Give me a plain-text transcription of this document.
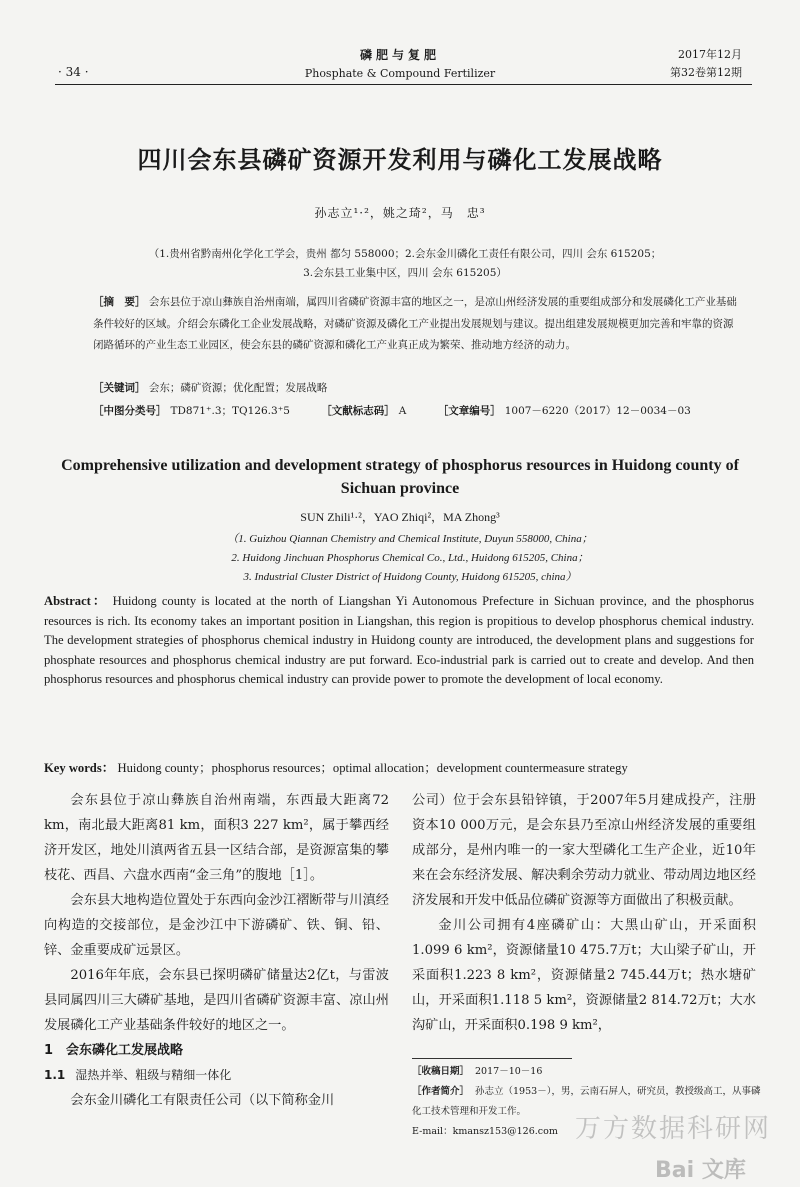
· 34 ·
磷肥与复肥
Phosphate & Compound Fertilizer
2017年12月
第32卷第12期
四川会东县磷矿资源开发利用与磷化工发展战略
孙志立¹·²，姚之琦²，马　忠³
（1.贵州省黔南州化学化工学会，贵州 都匀 558000；2.会东金川磷化工责任有限公司，四川 会东 615205；
3.会东县工业集中区，四川 会东 615205）
［摘　要］ 会东县位于凉山彝族自治州南端，属四川省磷矿资源丰富的地区之一，是凉山州经济发展的重要组成部分和发展磷化工产业基础条件较好的区域。介绍会东磷化工企业发展战略，对磷矿资源及磷化工产业提出发展规划与建议。提出组建发展规模更加完善和牢靠的资源闭路循环的产业生态工业园区，使会东县的磷矿资源和磷化工产业真正成为繁荣、推动地方经济的动力。
［关键词］ 会东；磷矿资源；优化配置；发展战略
［中图分类号］ TD871⁺.3；TQ126.3⁺5	［文献标志码］ A	［文章编号］ 1007－6220（2017）12－0034－03
Comprehensive utilization and development strategy of phosphorus resources in Huidong county of Sichuan province
SUN Zhili¹·²，YAO Zhiqi²，MA Zhong³
（1. Guizhou Qiannan Chemistry and Chemical Institute, Duyun 558000, China；
2. Huidong Jinchuan Phosphorus Chemical Co., Ltd., Huidong 615205, China；
3. Industrial Cluster District of Huidong County, Huidong 615205, china）
Abstract： Huidong county is located at the north of Liangshan Yi Autonomous Prefecture in Sichuan province, and the phosphorus resources is rich. Its economy takes an important position in Liangshan, this region is propitious to develop phosphorus chemical industry. The development strategies of phosphorus chemical industry in Huidong county are introduced, the development plans and suggestions for phosphate resources and phosphorus chemical industry are put forward. Eco-industrial park is carried out to create and develop. And then phosphorus resources and phosphorus chemical industry can provide power to promote the development of local economy.
Key words： Huidong county；phosphorus resources；optimal allocation；development countermeasure strategy

会东县位于凉山彝族自治州南端，东西最大距离72 km，南北最大距离81 km，面积3 227 km²，属于攀西经济开发区，地处川滇两省五县一区结合部，是资源富集的攀枝花、西昌、六盘水西南“金三角”的腹地［1］。

会东县大地构造位置处于东西向金沙江褶断带与川滇经向构造的交接部位，是金沙江中下游磷矿、铁、铜、铅、锌、金重要成矿远景区。

2016年年底，会东县已探明磷矿储量达2亿t，与雷波县同属四川三大磷矿基地，是四川省磷矿资源丰富、凉山州发展磷化工产业基础条件较好的地区之一。

1　会东磷化工发展战略

1.1 湿热并举、粗级与精细一体化

会东金川磷化工有限责任公司（以下简称金川

公司）位于会东县铅锌镇，于2007年5月建成投产，注册资本10 000万元，是会东县乃至凉山州经济发展的重要组成部分，是州内唯一的一家大型磷化工生产企业，近10年来在会东经济发展、解决剩余劳动力就业、带动周边地区经济发展和开发中低品位磷矿资源等方面做出了积极贡献。

金川公司拥有4座磷矿山：大黑山矿山，开采面积1.099 6 km²，资源储量10 475.7万t；大山梁子矿山，开采面积1.223 8 km²，资源储量2 745.44万t；热水塘矿山，开采面积1.118 5 km²，资源储量2 814.72万t；大水沟矿山，开采面积0.198 9 km²，

［收稿日期］ 2017－10－16
［作者简介］ 孙志立（1953－），男，云南石屏人，研究员，教授级高工，从事磷化工技术管理和开发工作。
E-mail：kmansz153@126.com 万方数据科研网
Bai 文库
